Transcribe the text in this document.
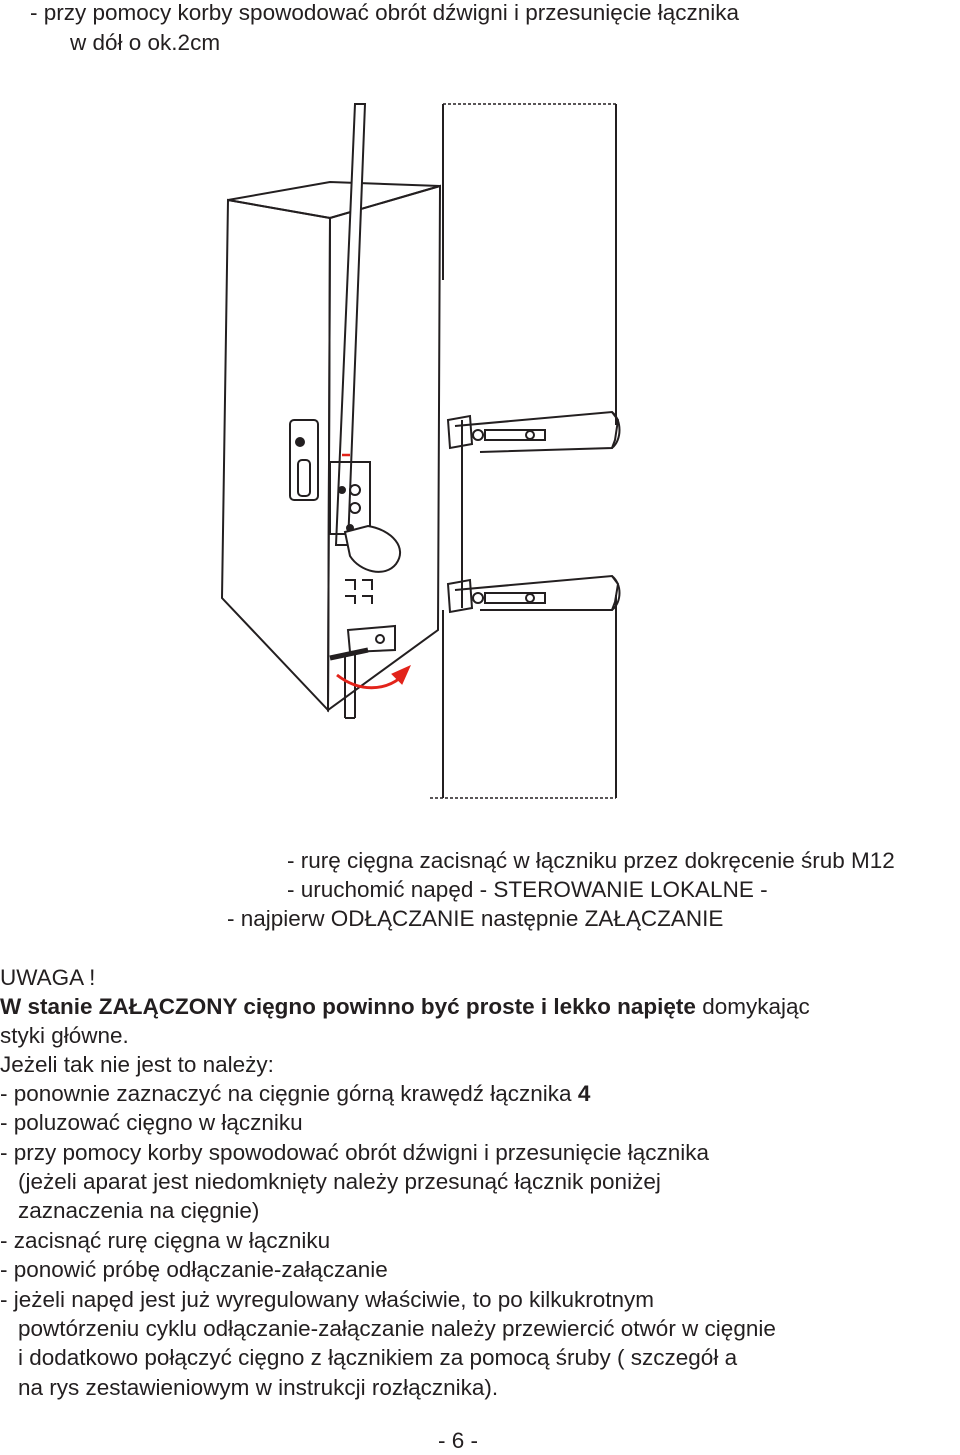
- przy pomocy korby spowodować obrót dźwigni i przesunięcie łącznika
w dół o ok.2cm
- rurę cięgna zacisnąć w łączniku przez dokręcenie śrub M12
- uruchomić napęd - STEROWANIE LOKALNE -
- najpierw ODŁĄCZANIE następnie ZAŁĄCZANIE
UWAGA !
W stanie ZAŁĄCZONY cięgno powinno być proste i lekko napięte domykając
styki główne.
Jeżeli tak nie jest to należy:
- ponownie zaznaczyć na cięgnie górną krawędź łącznika 4
- poluzować cięgno w łączniku
- przy pomocy korby spowodować obrót dźwigni i przesunięcie łącznika
(jeżeli aparat jest niedomknięty należy przesunąć łącznik poniżej
zaznaczenia na cięgnie)
- zacisnąć rurę cięgna w łączniku
- ponowić próbę odłączanie-załączanie
- jeżeli napęd jest już wyregulowany właściwie, to po kilkukrotnym
powtórzeniu cyklu odłączanie-załączanie należy przewiercić otwór w cięgnie
i dodatkowo połączyć cięgno z łącznikiem za pomocą śruby ( szczegół a
na rys zestawieniowym w instrukcji rozłącznika).
- 6 -
